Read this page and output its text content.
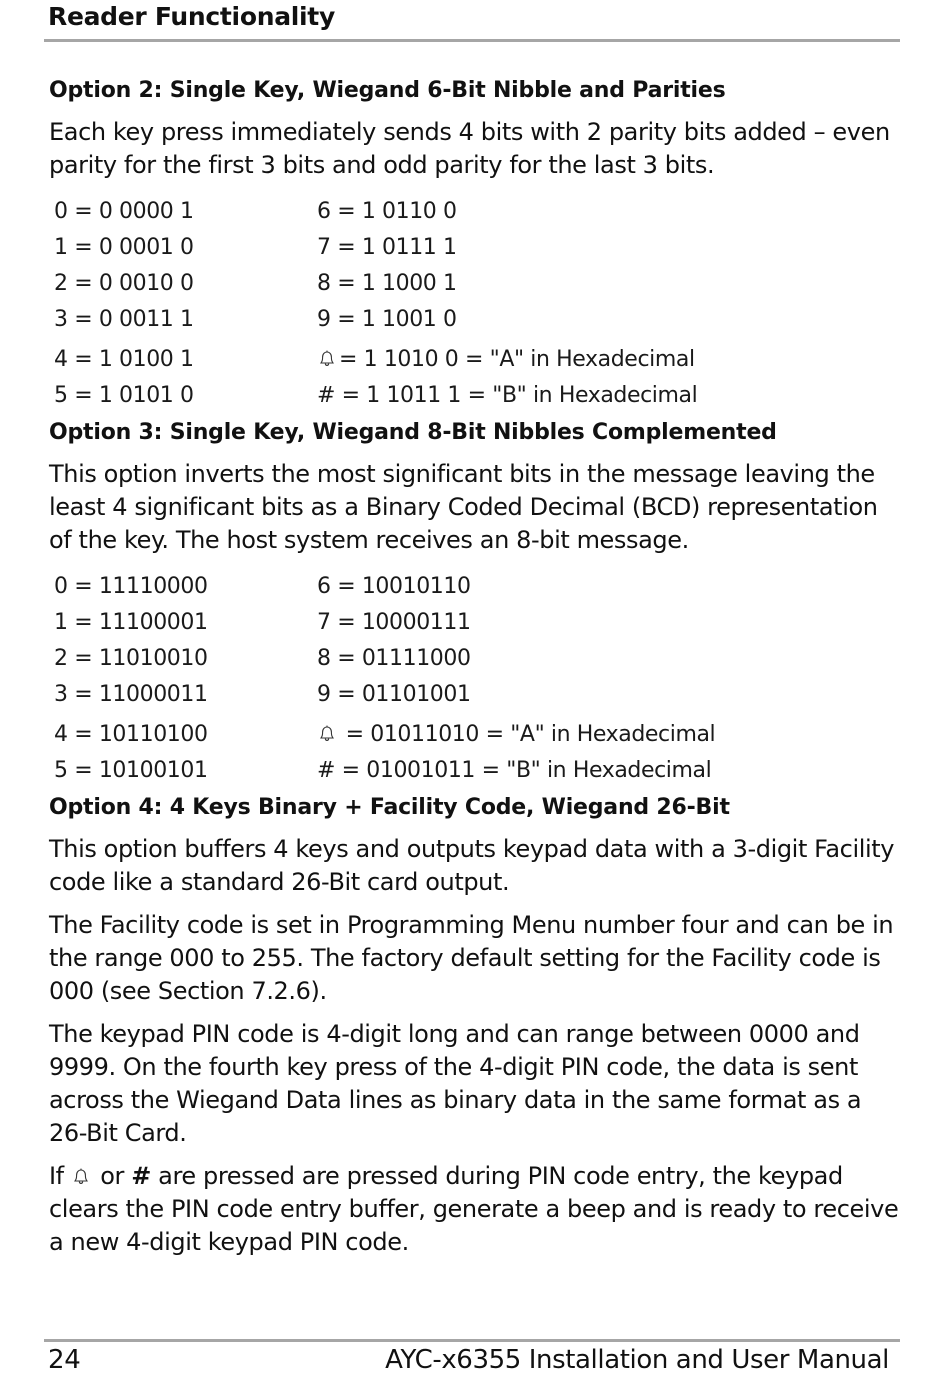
Reader Functionality
Option 2: Single Key, Wiegand 6-Bit Nibble and Parities

Each key press immediately sends 4 bits with 2 parity bits added – even parity for the first 3 bits and odd parity for the last 3 bits.

0 = 0 0000 1	6 = 1 0110 0
1 = 0 0001 0	7 = 1 0111 1
2 = 0 0010 0	8 = 1 1000 1
3 = 0 0011 1	9 = 1 1001 0
4 = 1 0100 1	= 1 1010 0 = "A" in Hexadecimal
5 = 1 0101 0	# = 1 1011 1 = "B" in Hexadecimal
Option 3: Single Key, Wiegand 8-Bit Nibbles Complemented

This option inverts the most significant bits in the message leaving the least 4 significant bits as a Binary Coded Decimal (BCD) representation of the key. The host system receives an 8-bit message.

0 = 11110000	6 = 10010110
1 = 11100001	7 = 10000111
2 = 11010010	8 = 01111000
3 = 11000011	9 = 01101001
4 = 10110100	= 01011010 = "A" in Hexadecimal
5 = 10100101	# = 01001011 = "B" in Hexadecimal
Option 4: 4 Keys Binary + Facility Code, Wiegand 26-Bit

This option buffers 4 keys and outputs keypad data with a 3-digit Facility code like a standard 26-Bit card output.

The Facility code is set in Programming Menu number four and can be in the range 000 to 255. The factory default setting for the Facility code is 000 (see Section 7.2.6).

The keypad PIN code is 4-digit long and can range between 0000 and 9999. On the fourth key press of the 4-digit PIN code, the data is sent across the Wiegand Data lines as binary data in the same format as a 26-Bit Card.

If or # are pressed are pressed during PIN code entry, the keypad clears the PIN code entry buffer, generate a beep and is ready to receive a new 4-digit keypad PIN code.

24	AYC-x6355 Installation and User Manual
